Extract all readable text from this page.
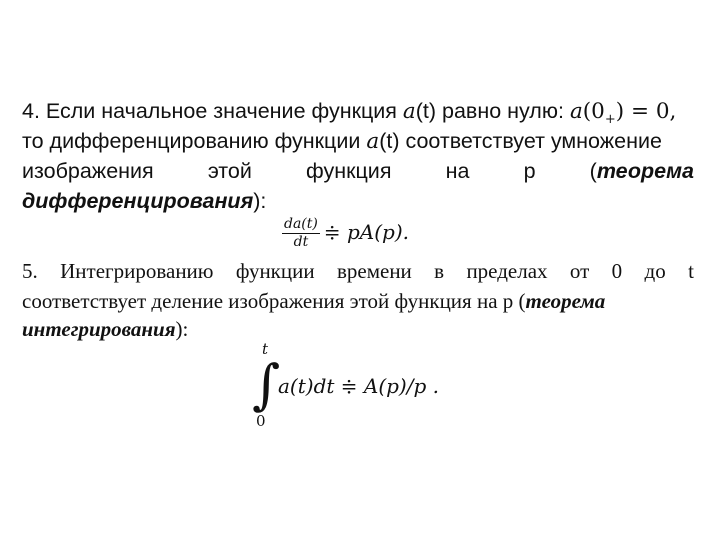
4. Если начальное значение функция a(t) равно нулю: $a(0_+) = 0$,
то дифференцированию функции a(t) соответствует умножение
изображения	этой	функция	на	р	(теорема
дифференцирования):
$\frac{da(t)}{dt}$ ≑ pA(p).
5. Интегрированию функции времени в пределах от 0 до t
соответствует деление изображения этой функция на р (теорема
интегрирования):
t
∫
0
a(t)dt ≑ A(p)/p .
